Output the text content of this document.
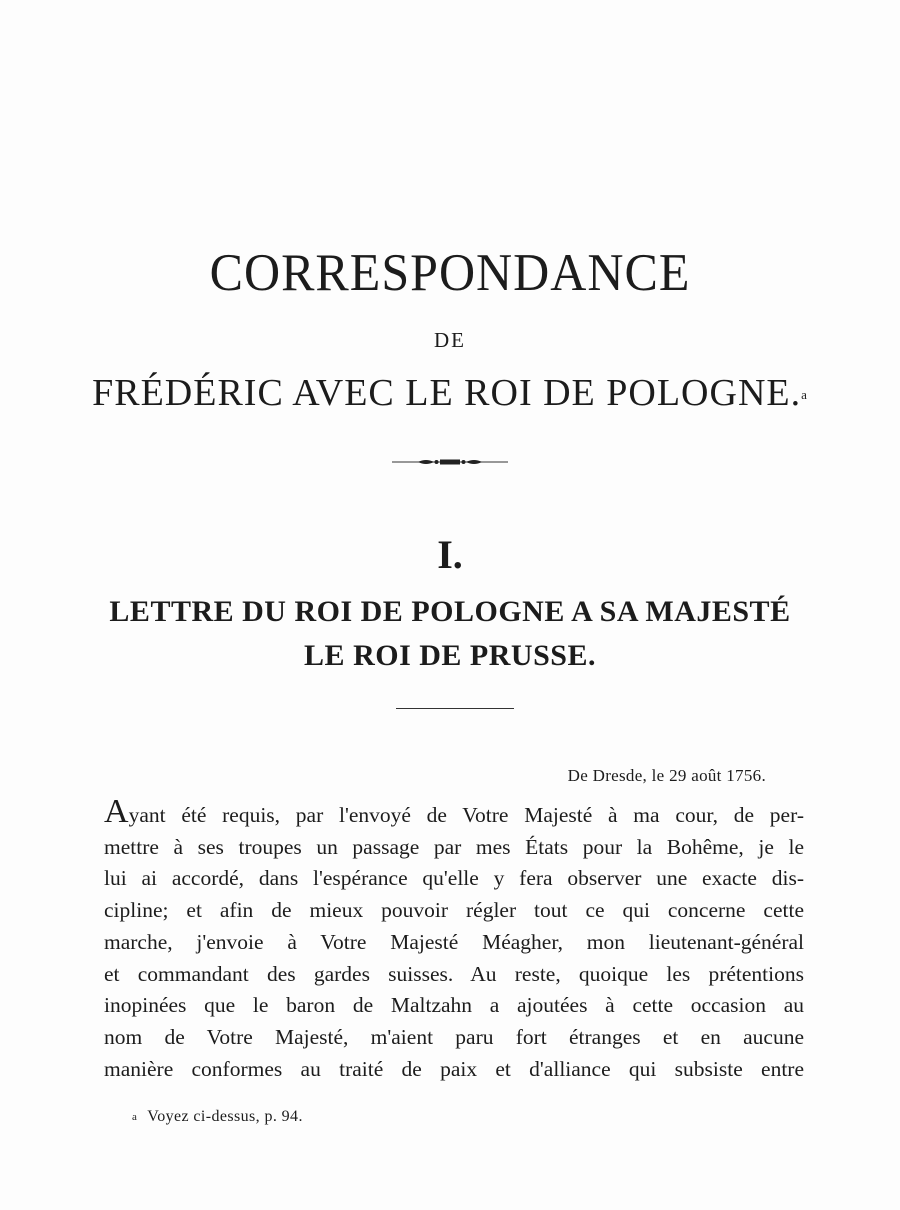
CORRESPONDANCE
DE
FRÉDÉRIC AVEC LE ROI DE POLOGNE.$^a$
I.
LETTRE DU ROI DE POLOGNE A SA MAJESTÉ
LE ROI DE PRUSSE.
De Dresde, le 29 août 1756.

Ayant été requis, par l'envoyé de Votre Majesté à ma cour, de per-
mettre à ses troupes un passage par mes États pour la Bohême, je le
lui ai accordé, dans l'espérance qu'elle y fera observer une exacte dis-
cipline; et afin de mieux pouvoir régler tout ce qui concerne cette
marche, j'envoie à Votre Majesté Méagher, mon lieutenant-général
et commandant des gardes suisses. Au reste, quoique les prétentions
inopinées que le baron de Maltzahn a ajoutées à cette occasion au
nom de Votre Majesté, m'aient paru fort étranges et en aucune
manière conformes au traité de paix et d'alliance qui subsiste entre

a Voyez ci-dessus, p. 94.
